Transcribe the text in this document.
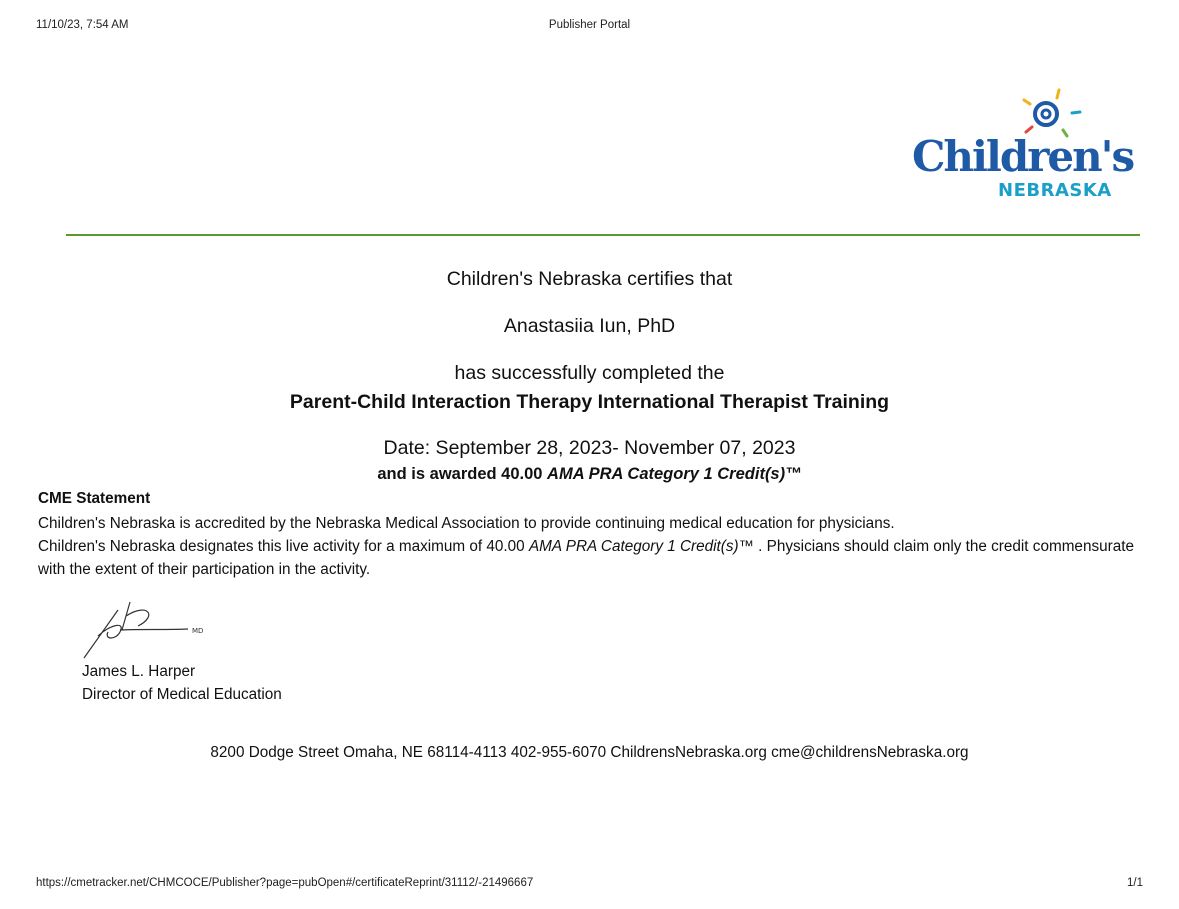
11/10/23, 7:54 AM	Publisher Portal
Children's
NEBRASKA
Children's Nebraska certifies that
Anastasiia Iun, PhD
has successfully completed the
Parent-Child Interaction Therapy International Therapist Training
Date: September 28, 2023- November 07, 2023
and is awarded 40.00 AMA PRA Category 1 Credit(s)™
CME Statement
Children's Nebraska is accredited by the Nebraska Medical Association to provide continuing medical education for physicians.
Children's Nebraska designates this live activity for a maximum of 40.00 AMA PRA Category 1 Credit(s)™ . Physicians should claim only the credit commensurate with the extent of their participation in the activity.
MD
James L. Harper
Director of Medical Education
8200 Dodge Street Omaha, NE 68114-4113 402-955-6070 ChildrensNebraska.org cme@childrensNebraska.org
https://cmetracker.net/CHMCOCE/Publisher?page=pubOpen#/certificateReprint/31112/-21496667	1/1
